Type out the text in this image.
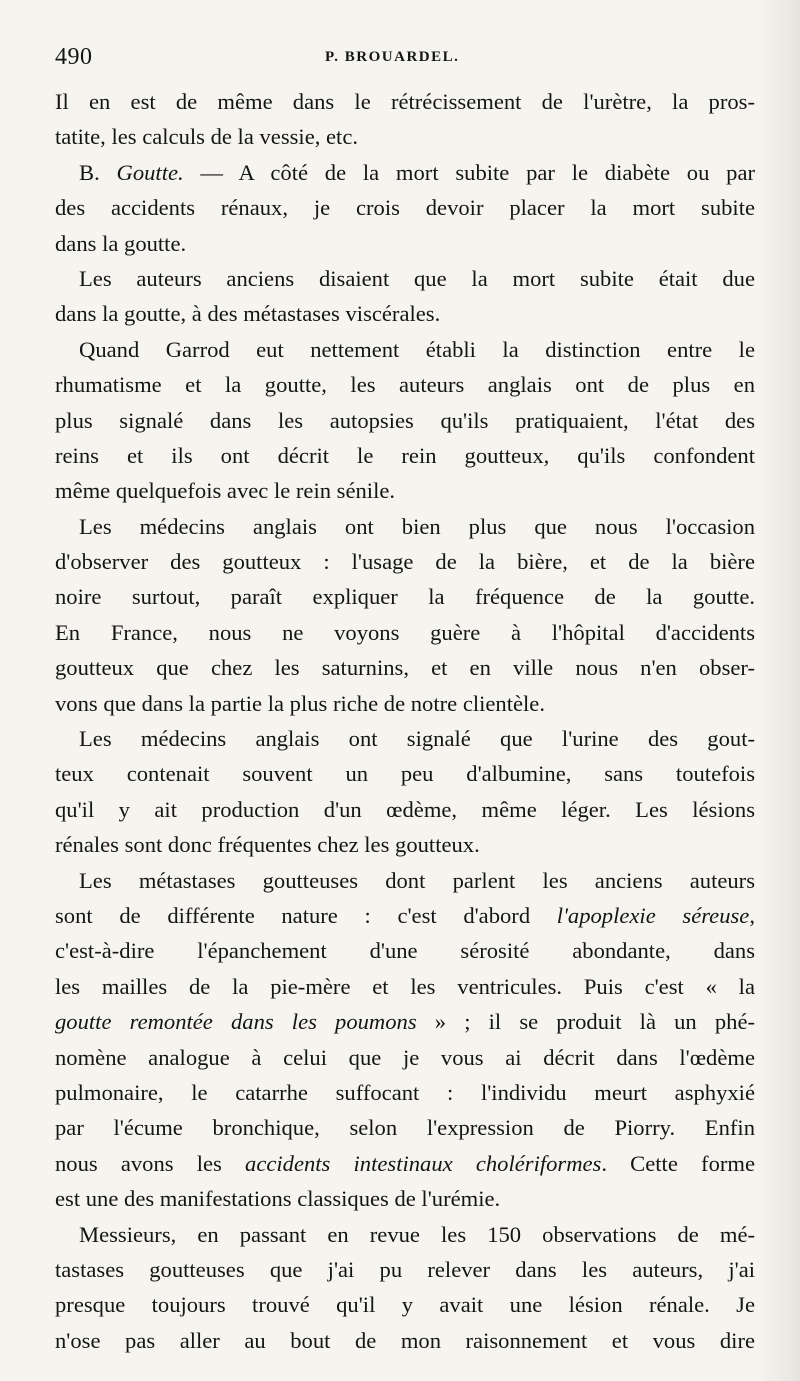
490	P. BROUARDEL.
Il en est de même dans le rétrécissement de l'urètre, la pros-
tatite, les calculs de la vessie, etc.
B. Goutte. — A côté de la mort subite par le diabète ou par
des accidents rénaux, je crois devoir placer la mort subite
dans la goutte.
Les auteurs anciens disaient que la mort subite était due
dans la goutte, à des métastases viscérales.
Quand Garrod eut nettement établi la distinction entre le
rhumatisme et la goutte, les auteurs anglais ont de plus en
plus signalé dans les autopsies qu'ils pratiquaient, l'état des
reins et ils ont décrit le rein goutteux, qu'ils confondent
même quelquefois avec le rein sénile.
Les médecins anglais ont bien plus que nous l'occasion
d'observer des goutteux : l'usage de la bière, et de la bière
noire surtout, paraît expliquer la fréquence de la goutte.
En France, nous ne voyons guère à l'hôpital d'accidents
goutteux que chez les saturnins, et en ville nous n'en obser-
vons que dans la partie la plus riche de notre clientèle.
Les médecins anglais ont signalé que l'urine des gout-
teux contenait souvent un peu d'albumine, sans toutefois
qu'il y ait production d'un œdème, même léger. Les lésions
rénales sont donc fréquentes chez les goutteux.
Les métastases goutteuses dont parlent les anciens auteurs
sont de différente nature : c'est d'abord l'apoplexie séreuse,
c'est-à-dire l'épanchement d'une sérosité abondante, dans
les mailles de la pie-mère et les ventricules. Puis c'est « la
goutte remontée dans les poumons » ; il se produit là un phé-
nomène analogue à celui que je vous ai décrit dans l'œdème
pulmonaire, le catarrhe suffocant : l'individu meurt asphyxié
par l'écume bronchique, selon l'expression de Piorry. Enfin
nous avons les accidents intestinaux cholériformes. Cette forme
est une des manifestations classiques de l'urémie.
Messieurs, en passant en revue les 150 observations de mé-
tastases goutteuses que j'ai pu relever dans les auteurs, j'ai
presque toujours trouvé qu'il y avait une lésion rénale. Je
n'ose pas aller au bout de mon raisonnement et vous dire
